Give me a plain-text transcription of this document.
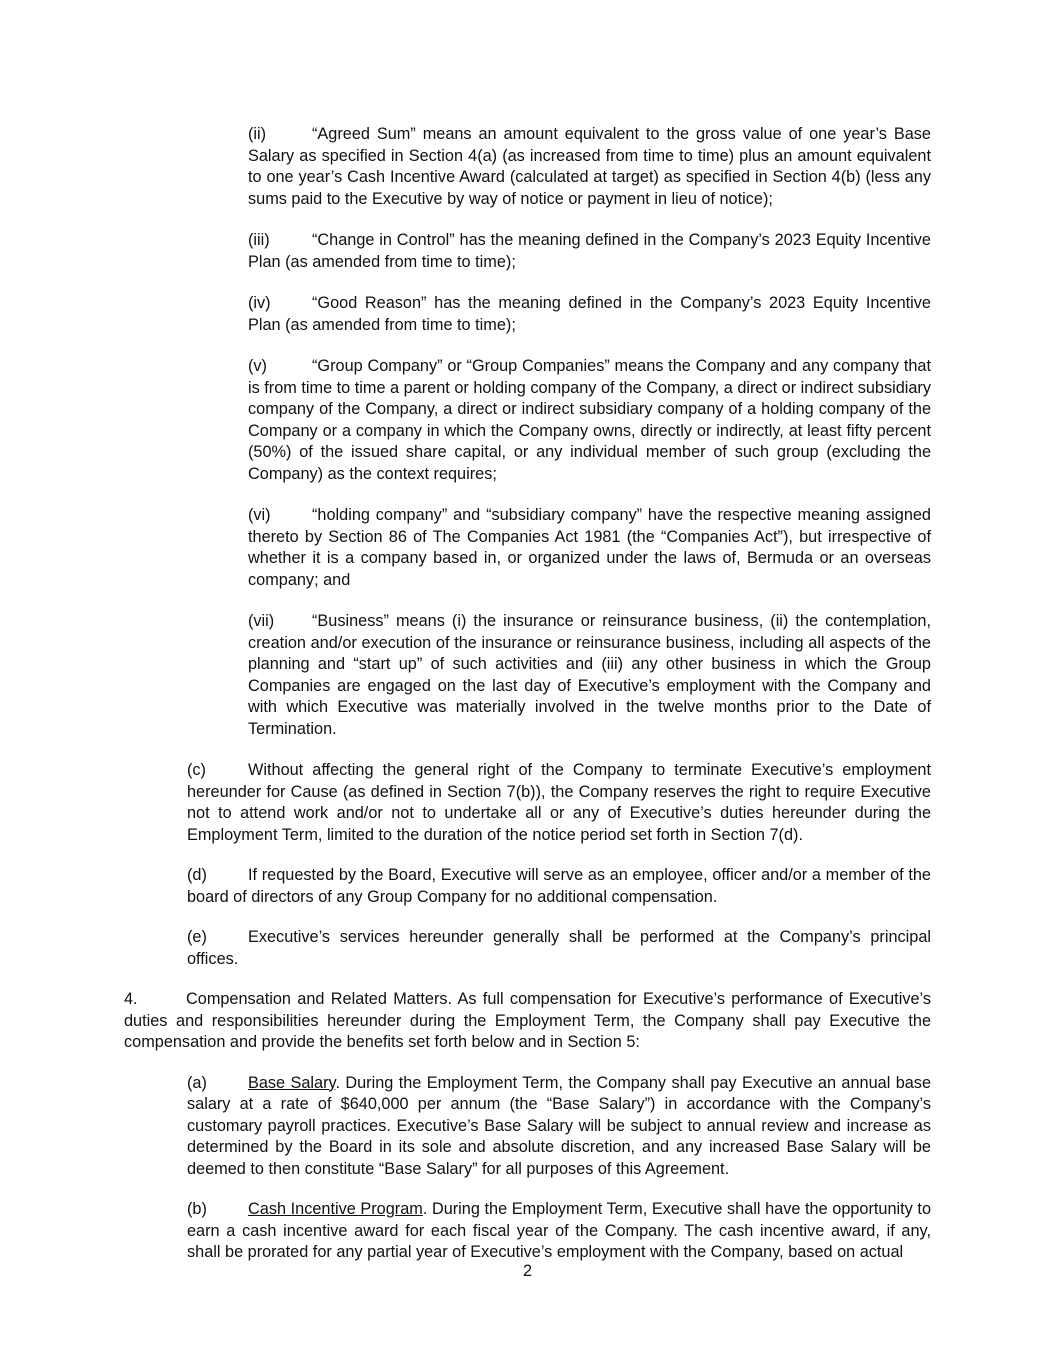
(ii)	“Agreed Sum” means an amount equivalent to the gross value of one year’s Base Salary as specified in Section 4(a) (as increased from time to time) plus an amount equivalent to one year’s Cash Incentive Award (calculated at target) as specified in Section 4(b) (less any sums paid to the Executive by way of notice or payment in lieu of notice);

(iii)	“Change in Control” has the meaning defined in the Company’s 2023 Equity Incentive Plan (as amended from time to time);

(iv)	“Good Reason” has the meaning defined in the Company’s 2023 Equity Incentive Plan (as amended from time to time);

(v)	“Group Company” or “Group Companies” means the Company and any company that is from time to time a parent or holding company of the Company, a direct or indirect subsidiary company of the Company, a direct or indirect subsidiary company of a holding company of the Company or a company in which the Company owns, directly or indirectly, at least fifty percent (50%) of the issued share capital, or any individual member of such group (excluding the Company) as the context requires;

(vi)	“holding company” and “subsidiary company” have the respective meaning assigned thereto by Section 86 of The Companies Act 1981 (the “Companies Act”), but irrespective of whether it is a company based in, or organized under the laws of, Bermuda or an overseas company; and

(vii) “Business” means (i) the insurance or reinsurance business, (ii) the contemplation, creation and/or execution of the insurance or reinsurance business, including all aspects of the planning and “start up” of such activities and (iii) any other business in which the Group Companies are engaged on the last day of Executive’s employment with the Company and with which Executive was materially involved in the twelve months prior to the Date of Termination.

(c)	Without affecting the general right of the Company to terminate Executive’s employment hereunder for Cause (as defined in Section 7(b)), the Company reserves the right to require Executive not to attend work and/or not to undertake all or any of Executive’s duties hereunder during the Employment Term, limited to the duration of the notice period set forth in Section 7(d).

(d)	If requested by the Board, Executive will serve as an employee, officer and/or a member of the board of directors of any Group Company for no additional compensation.

(e)	Executive’s services hereunder generally shall be performed at the Company’s principal offices.

4.	Compensation and Related Matters. As full compensation for Executive’s performance of Executive’s duties and responsibilities hereunder during the Employment Term, the Company shall pay Executive the compensation and provide the benefits set forth below and in Section 5:

(a)	Base Salary. During the Employment Term, the Company shall pay Executive an annual base salary at a rate of $640,000 per annum (the “Base Salary”) in accordance with the Company’s customary payroll practices. Executive’s Base Salary will be subject to annual review and increase as determined by the Board in its sole and absolute discretion, and any increased Base Salary will be deemed to then constitute “Base Salary” for all purposes of this Agreement.

(b)	Cash Incentive Program. During the Employment Term, Executive shall have the opportunity to earn a cash incentive award for each fiscal year of the Company. The cash incentive award, if any, shall be prorated for any partial year of Executive’s employment with the Company, based on actual

2
